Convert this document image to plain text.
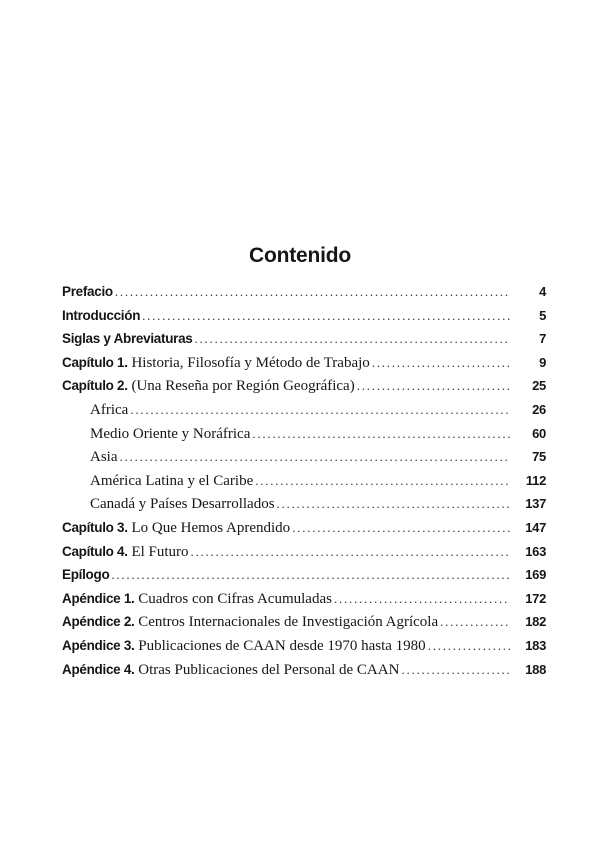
Contenido
Prefacio . . .	4
Introducción . . .	5
Siglas y Abreviaturas . . .	7
Capítulo 1. Historia, Filosofía y Método de Trabajo . . .	9
Capítulo 2. (Una Reseña por Región Geográfica) . . .	25
Africa . . .	26
Medio Oriente y Noráfrica . . .	60
Asia . . .	75
América Latina y el Caribe . . .	112
Canadá y Países Desarrollados . . .	137
Capítulo 3. Lo Que Hemos Aprendido . . .	147
Capítulo 4. El Futuro . . .	163
Epílogo . . .	169
Apéndice 1. Cuadros con Cifras Acumuladas . . .	172
Apéndice 2. Centros Internacionales de Investigación Agrícola . . .	182
Apéndice 3. Publicaciones de CAAN desde 1970 hasta 1980 . . .	183
Apéndice 4. Otras Publicaciones del Personal de CAAN . . .	188
